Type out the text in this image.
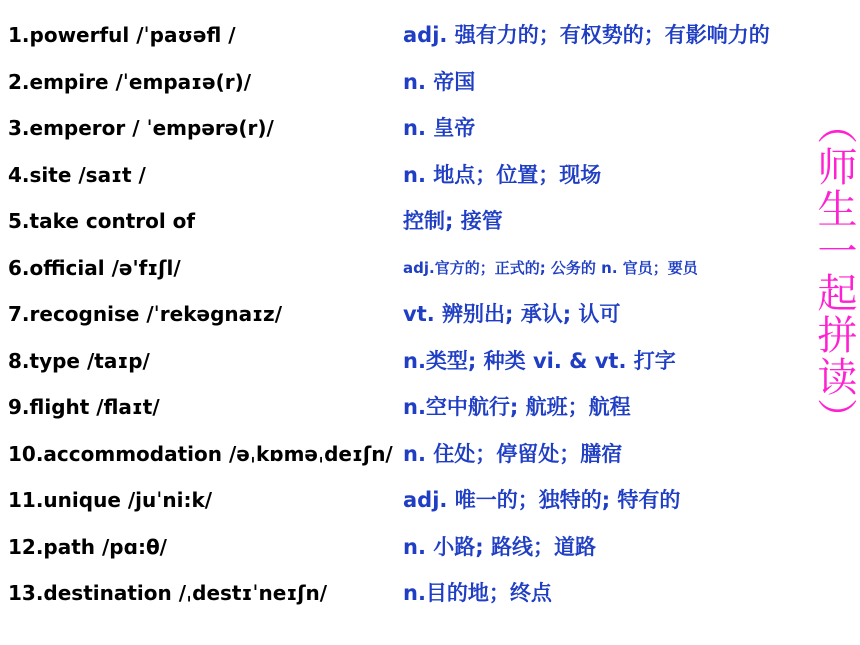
1.powerful /ˈpaʊəfl /	adj. 强有力的；有权势的；有影响力的
2.empire /ˈempaɪə(r)/	n. 帝国
3.emperor / ˈempərə(r)/	n. 皇帝
4.site /saɪt /	n. 地点；位置；现场
5.take control of	控制; 接管
6.official /ə'fɪʃl/	adj.官方的；正式的; 公务的 n. 官员；要员
7.recognise /ˈrekəgnaɪz/	vt. 辨别出; 承认; 认可
8.type /taɪp/	n.类型; 种类 vi. & vt. 打字
9.flight /flaɪt/	n.空中航行; 航班；航程
10.accommodation /əˌkɒməˌdeɪʃn/ n. 住处；停留处；膳宿
11.unique /juˈni:k/	adj. 唯一的；独特的; 特有的
12.path /pɑ:θ/	n. 小路; 路线；道路
13.destination /ˌdestɪˈneɪʃn/	n.目的地；终点
（师生一起拼读）
